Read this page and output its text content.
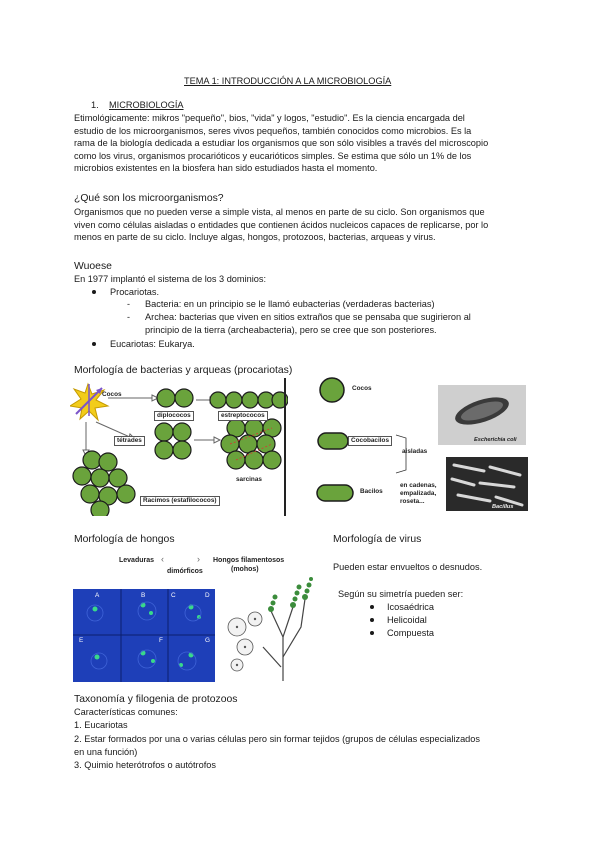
TEMA 1: INTRODUCCIÓN A LA MICROBIOLOGÍA
1. MICROBIOLOGÍA
Etimológicamente: mikros "pequeño", bios, "vida" y logos, "estudio". Es la ciencia encargada del
estudio de los microorganismos, seres vivos pequeños, también conocidos como microbios. Es la
rama de la biología dedicada a estudiar los organismos que son sólo visibles a través del microscopio
como los virus, organismos procarióticos y eucarióticos simples. Se estima que sólo un 1% de los
microbios existentes en la biosfera han sido estudiados hasta el momento.
¿Qué son los microorganismos?
Organismos que no pueden verse a simple vista, al menos en parte de su ciclo. Son organismos que
viven como células aisladas o entidades que contienen ácidos nucleicos capaces de replicarse, por lo
menos en parte de su ciclo. Incluye algas, hongos, protozoos, bacterias, arqueas y virus.
Wuoese
En 1977 implantó el sistema de los 3 dominios:
Procariotas.
- Bacteria: en un principio se le llamó eubacterias (verdaderas bacterias)
- Archea: bacterias que viven en sitios extraños que se pensaba que sugirieron al
principio de la tierra (archeabacteria), pero se cree que son posteriores.
Eucariotas: Eukarya.
Morfología de bacterias y arqueas (procariotas)
Cocos
diplococos	estreptococos
tétrades
sarcinas
Racimos (estafilococos)
Cocos
Cocobacilos
aisladas
Bacilos
en cadenas,
empalizada,
roseta...
Escherichia coli
Bacillus
Morfología de hongos
Levaduras ‹	›
dimórficos
Hongos filamentosos
(mohos)
A	B	C	D
E	F	G
Morfología de virus
Pueden estar envueltos o desnudos.
Según su simetría pueden ser:
Icosaédrica
Helicoidal
Compuesta
Taxonomía y filogenia de protozoos
Características comunes:
1. Eucariotas
2. Estar formados por una o varias células pero sin formar tejidos (grupos de células especializados
en una función)
3. Quimio heterótrofos o autótrofos
